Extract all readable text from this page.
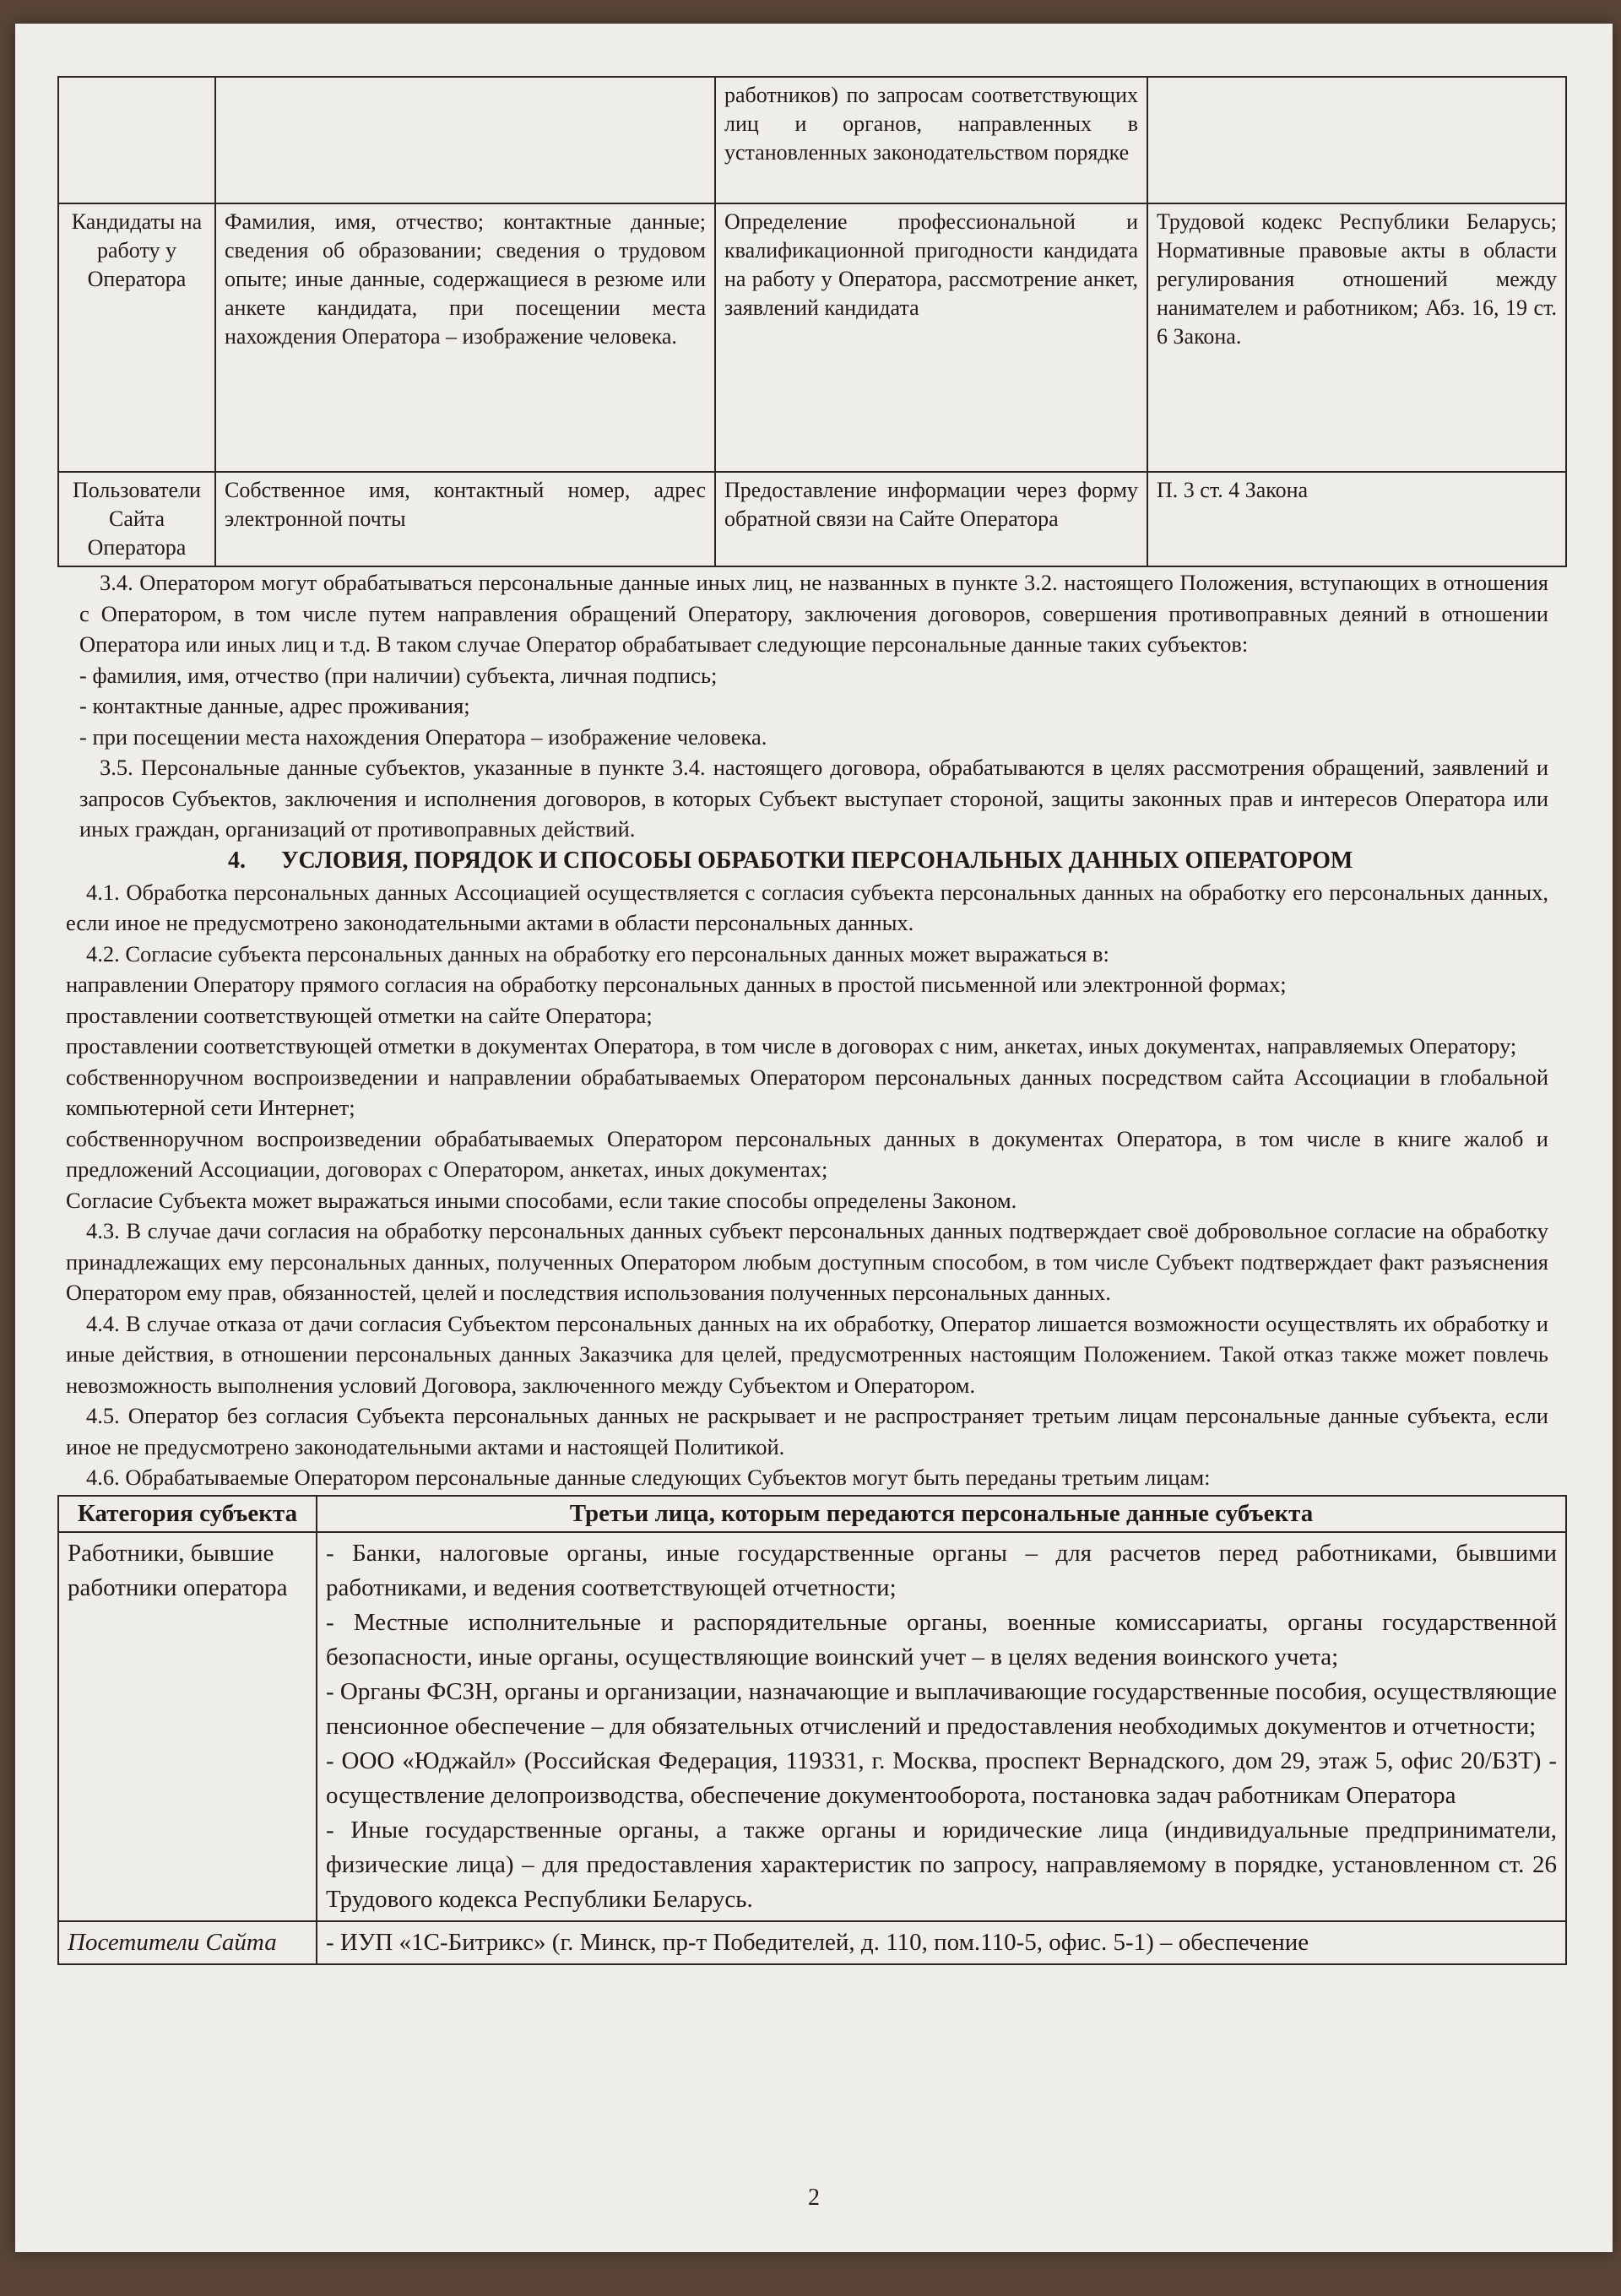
		работников) по запросам соответствующих лиц и органов, направленных в установленных законодательством порядке	
Кандидаты на работу у Оператора	Фамилия, имя, отчество; контактные данные; сведения об образовании; сведения о трудовом опыте; иные данные, содержащиеся в резюме или анкете кандидата, при посещении места нахождения Оператора – изображение человека.	Определение профессиональной и квалификационной пригодности кандидата на работу у Оператора, рассмотрение анкет, заявлений кандидата	Трудовой кодекс Республики Беларусь; Нормативные правовые акты в области регулирования отношений между нанимателем и работником; Абз. 16, 19 ст. 6 Закона.
Пользователи Сайта Оператора	Собственное имя, контактный номер, адрес электронной почты	Предоставление информации через форму обратной связи на Сайте Оператора	П. 3 ст. 4 Закона

3.4. Оператором могут обрабатываться персональные данные иных лиц, не названных в пункте 3.2. настоящего Положения, вступающих в отношения с Оператором, в том числе путем направления обращений Оператору, заключения договоров, совершения противоправных деяний в отношении Оператора или иных лиц и т.д. В таком случае Оператор обрабатывает следующие персональные данные таких субъектов:

- фамилия, имя, отчество (при наличии) субъекта, личная подпись;

- контактные данные, адрес проживания;

- при посещении места нахождения Оператора – изображение человека.

3.5. Персональные данные субъектов, указанные в пункте 3.4. настоящего договора, обрабатываются в целях рассмотрения обращений, заявлений и запросов Субъектов, заключения и исполнения договоров, в которых Субъект выступает стороной, защиты законных прав и интересов Оператора или иных граждан, организаций от противоправных действий.

4.      УСЛОВИЯ, ПОРЯДОК И СПОСОБЫ ОБРАБОТКИ ПЕРСОНАЛЬНЫХ ДАННЫХ ОПЕРАТОРОМ

4.1. Обработка персональных данных Ассоциацией осуществляется с согласия субъекта персональных данных на обработку его персональных данных, если иное не предусмотрено законодательными актами в области персональных данных.

4.2. Согласие субъекта персональных данных на обработку его персональных данных может выражаться в:

направлении Оператору прямого согласия на обработку персональных данных в простой письменной или электронной формах;

проставлении соответствующей отметки на сайте Оператора;

проставлении соответствующей отметки в документах Оператора, в том числе в договорах с ним, анкетах, иных документах, направляемых Оператору;

собственноручном воспроизведении и направлении обрабатываемых Оператором персональных данных посредством сайта Ассоциации в глобальной компьютерной сети Интернет;

собственноручном воспроизведении обрабатываемых Оператором персональных данных в документах Оператора, в том числе в книге жалоб и предложений Ассоциации, договорах с Оператором, анкетах, иных документах;

Согласие Субъекта может выражаться иными способами, если такие способы определены Законом.

4.3. В случае дачи согласия на обработку персональных данных субъект персональных данных подтверждает своё добровольное согласие на обработку принадлежащих ему персональных данных, полученных Оператором любым доступным способом, в том числе Субъект подтверждает факт разъяснения Оператором ему прав, обязанностей, целей и последствия использования полученных персональных данных.

4.4. В случае отказа от дачи согласия Субъектом персональных данных на их обработку, Оператор лишается возможности осуществлять их обработку и иные действия, в отношении персональных данных Заказчика для целей, предусмотренных настоящим Положением. Такой отказ также может повлечь невозможность выполнения условий Договора, заключенного между Субъектом и Оператором.

4.5. Оператор без согласия Субъекта персональных данных не раскрывает и не распространяет третьим лицам персональные данные субъекта, если иное не предусмотрено законодательными актами и настоящей Политикой.

4.6. Обрабатываемые Оператором персональные данные следующих Субъектов могут быть переданы третьим лицам:

Категория субъекта	Третьи лица, которым передаются персональные данные субъекта
Работники, бывшие работники оператора	- Банки, налоговые органы, иные государственные органы – для расчетов перед работниками, бывшими работниками, и ведения соответствующей отчетности;
- Местные исполнительные и распорядительные органы, военные комиссариаты, органы государственной безопасности, иные органы, осуществляющие воинский учет – в целях ведения воинского учета;
- Органы ФСЗН, органы и организации, назначающие и выплачивающие государственные пособия, осуществляющие пенсионное обеспечение – для обязательных отчислений и предоставления необходимых документов и отчетности;
- ООО «Юджайл» (Российская Федерация, 119331, г. Москва, проспект Вернадского, дом 29, этаж 5, офис 20/БЗТ) - осуществление делопроизводства, обеспечение документооборота, постановка задач работникам Оператора
- Иные государственные органы, а также органы и юридические лица (индивидуальные предприниматели, физические лица) – для предоставления характеристик по запросу, направляемому в порядке, установленном ст. 26 Трудового кодекса Республики Беларусь.

Посетители Сайта	- ИУП «1С-Битрикс» (г. Минск, пр-т Победителей, д. 110, пом.110-5, офис. 5-1) – обеспечение
2
